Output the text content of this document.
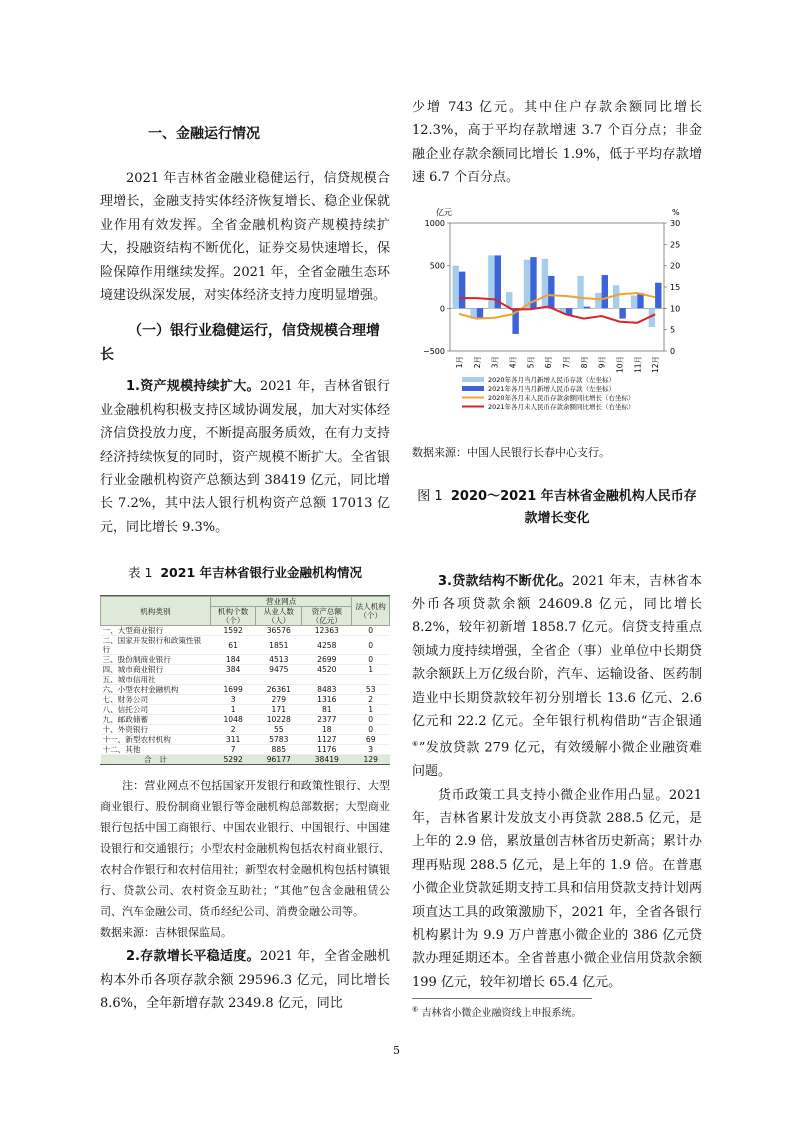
一、金融运行情况

2021 年吉林省金融业稳健运行，信贷规模合理增长，金融支持实体经济恢复增长、稳企业保就业作用有效发挥。全省金融机构资产规模持续扩大，投融资结构不断优化，证券交易快速增长，保险保障作用继续发挥。2021 年，全省金融生态环境建设纵深发展，对实体经济支持力度明显增强。

（一）银行业稳健运行，信贷规模合理增长

1.资产规模持续扩大。2021 年，吉林省银行业金融机构积极支持区域协调发展，加大对实体经济信贷投放力度，不断提高服务质效，在有力支持经济持续恢复的同时，资产规模不断扩大。全省银行业金融机构资产总额达到 38419 亿元，同比增长 7.2%，其中法人银行机构资产总额 17013 亿元，同比增长 9.3%。

表 1 2021 年吉林省银行业金融机构情况
机构类别	营业网点			法人机构（个）
	机构个数（个）	从业人数（人）	资产总额（亿元）	
一、大型商业银行	1592	36576	12363	0
二、国家开发银行和政策性银行	61	1851	4258	0
三、股份制商业银行	184	4513	2699	0
四、城市商业银行	384	9475	4520	1
五、城市信用社				
六、小型农村金融机构	1699	26361	8483	53
七、财务公司	3	279	1316	2
八、信托公司	1	171	81	1
九、邮政储蓄	1048	10228	2377	0
十、外资银行	2	55	18	0
十一、新型农村机构	311	5783	1127	69
十二、其他	7	885	1176	3
合　计	5292	96177	38419	129
注：营业网点不包括国家开发银行和政策性银行、大型商业银行、股份制商业银行等金融机构总部数据；大型商业银行包括中国工商银行、中国农业银行、中国银行、中国建设银行和交通银行；小型农村金融机构包括农村商业银行、农村合作银行和农村信用社；新型农村金融机构包括村镇银行、贷款公司、农村资金互助社；“其他”包含金融租赁公司、汽车金融公司、货币经纪公司、消费金融公司等。
数据来源：吉林银保监局。

2.存款增长平稳适度。2021 年，全省金融机构本外币各项存款余额 29596.3 亿元，同比增长 8.6%，全年新增存款 2349.8 亿元，同比

少增 743 亿元。其中住户存款余额同比增长 12.3%，高于平均存款增速 3.7 个百分点；非金融企业存款余额同比增长 1.9%，低于平均存款增速 6.7 个百分点。

亿元	%
1000
500
0
−500
30
25
20
15
10
5
0
1月 2月 3月 4月 5月 6月 7月 8月 9月 10月 11月 12月
2020年各月当月新增人民币存款（左坐标）
2021年各月当月新增人民币存款（左坐标）
2020年各月末人民币存款余额同比增长（右坐标）
2021年各月末人民币存款余额同比增长（右坐标）
数据来源：中国人民银行长春中心支行。
图 1 2020～2021 年吉林省金融机构人民币存款增长变化

3.贷款结构不断优化。2021 年末，吉林省本外币各项贷款余额 24609.8 亿元，同比增长 8.2%，较年初新增 1858.7 亿元。信贷支持重点领域力度持续增强，全省企（事）业单位中长期贷款余额跃上万亿级台阶，汽车、运输设备、医药制造业中长期贷款较年初分别增长 13.6 亿元、2.6 亿元和 22.2 亿元。全年银行机构借助“吉企银通⑥”发放贷款 279 亿元，有效缓解小微企业融资难问题。

货币政策工具支持小微企业作用凸显。2021 年，吉林省累计发放支小再贷款 288.5 亿元，是上年的 2.9 倍，累放量创吉林省历史新高；累计办理再贴现 288.5 亿元，是上年的 1.9 倍。在普惠小微企业贷款延期支持工具和信用贷款支持计划两项直达工具的政策激励下，2021 年，全省各银行机构累计为 9.9 万户普惠小微企业的 386 亿元贷款办理延期还本。全省普惠小微企业信用贷款余额 199 亿元，较年初增长 65.4 亿元。

⑥ 吉林省小微企业融资线上申报系统。
5
